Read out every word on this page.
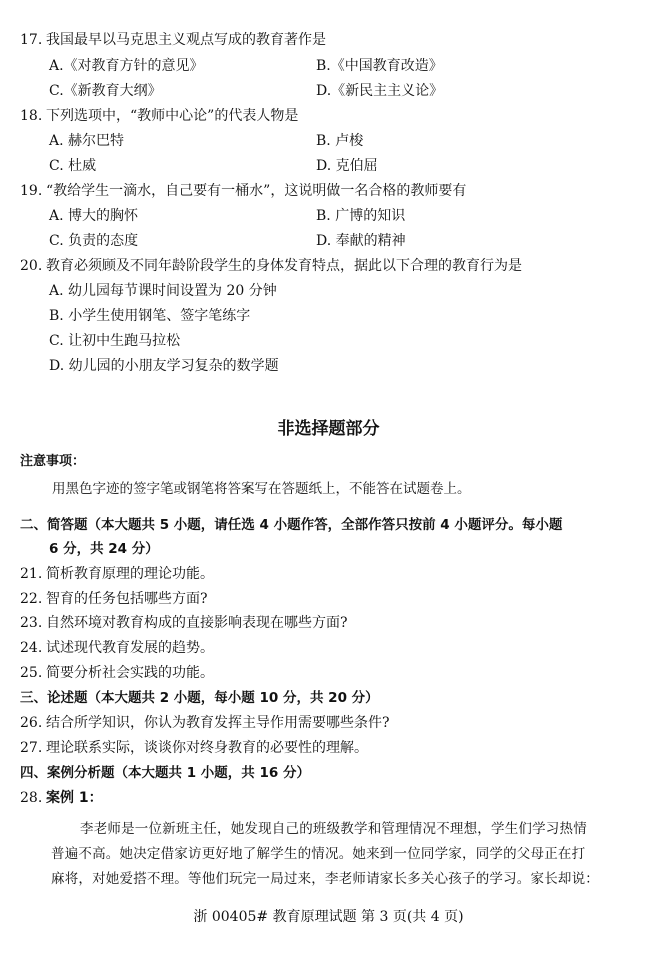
17. 我国最早以马克思主义观点写成的教育著作是
A.《对教育方针的意见》	B.《中国教育改造》
C.《新教育大纲》	D.《新民主主义论》
18. 下列选项中，“教师中心论”的代表人物是
A. 赫尔巴特	B. 卢梭
C. 杜威	D. 克伯屈
19. “教给学生一滴水，自己要有一桶水”，这说明做一名合格的教师要有
A. 博大的胸怀	B. 广博的知识
C. 负责的态度	D. 奉献的精神
20. 教育必须顾及不同年龄阶段学生的身体发育特点，据此以下合理的教育行为是
A. 幼儿园每节课时间设置为 20 分钟
B. 小学生使用钢笔、签字笔练字
C. 让初中生跑马拉松
D. 幼儿园的小朋友学习复杂的数学题
非选择题部分
注意事项：
用黑色字迹的签字笔或钢笔将答案写在答题纸上，不能答在试题卷上。
二、简答题（本大题共 5 小题，请任选 4 小题作答，全部作答只按前 4 小题评分。每小题
6 分，共 24 分）
21. 简析教育原理的理论功能。
22. 智育的任务包括哪些方面?
23. 自然环境对教育构成的直接影响表现在哪些方面?
24. 试述现代教育发展的趋势。
25. 简要分析社会实践的功能。
三、论述题（本大题共 2 小题，每小题 10 分，共 20 分）
26. 结合所学知识，你认为教育发挥主导作用需要哪些条件?
27. 理论联系实际，谈谈你对终身教育的必要性的理解。
四、案例分析题（本大题共 1 小题，共 16 分）
28. 案例 1：
李老师是一位新班主任，她发现自己的班级教学和管理情况不理想，学生们学习热情
普遍不高。她决定借家访更好地了解学生的情况。她来到一位同学家，同学的父母正在打
麻将，对她爱搭不理。等他们玩完一局过来，李老师请家长多关心孩子的学习。家长却说：
浙 00405# 教育原理试题 第 3 页(共 4 页)
